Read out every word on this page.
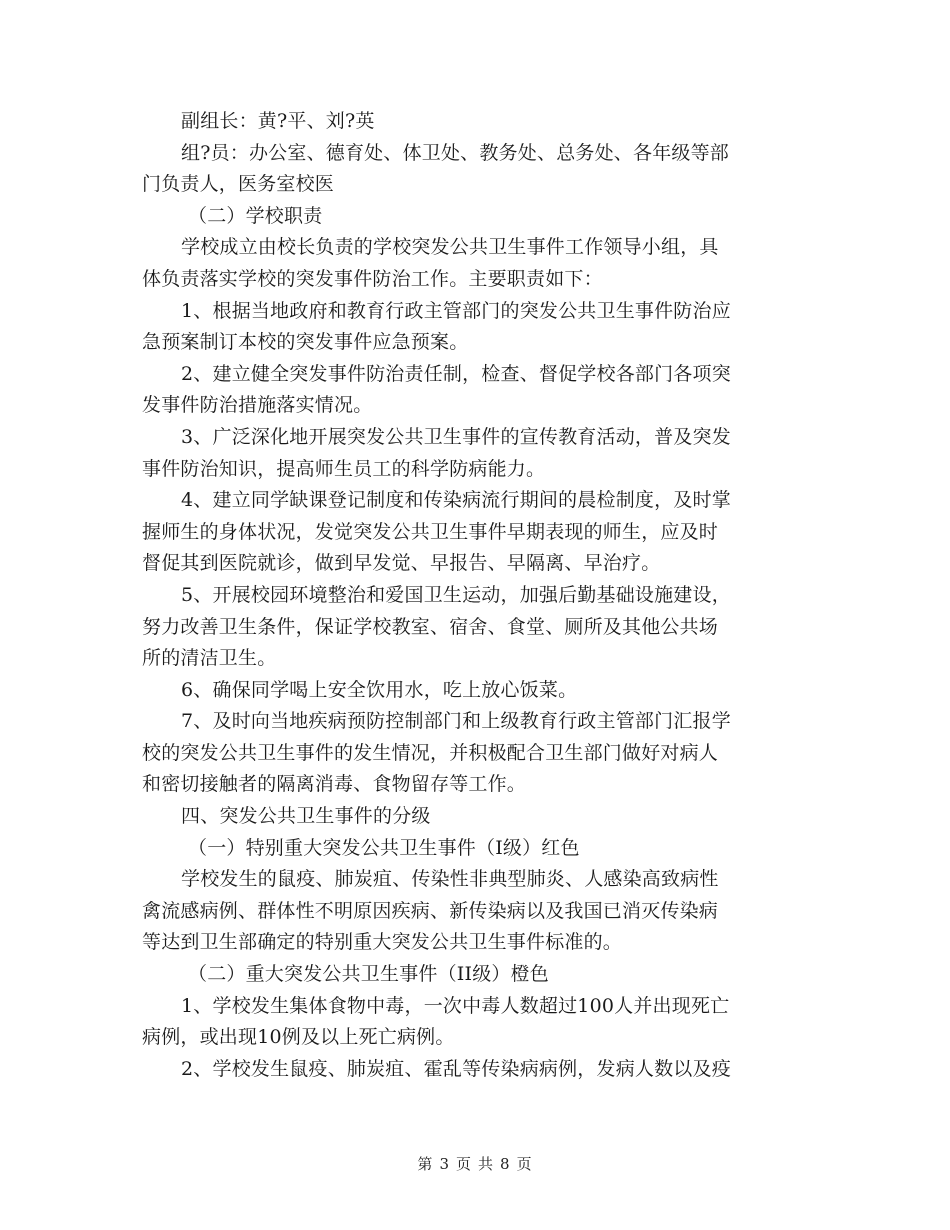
副组长：黄?平、刘?英
组?员：办公室、德育处、体卫处、教务处、总务处、各年级等部
门负责人，医务室校医
（二）学校职责
学校成立由校长负责的学校突发公共卫生事件工作领导小组，具
体负责落实学校的突发事件防治工作。主要职责如下：
1、根据当地政府和教育行政主管部门的突发公共卫生事件防治应
急预案制订本校的突发事件应急预案。
2、建立健全突发事件防治责任制，检查、督促学校各部门各项突
发事件防治措施落实情况。
3、广泛深化地开展突发公共卫生事件的宣传教育活动，普及突发
事件防治知识，提高师生员工的科学防病能力。
4、建立同学缺课登记制度和传染病流行期间的晨检制度，及时掌
握师生的身体状况，发觉突发公共卫生事件早期表现的师生，应及时
督促其到医院就诊，做到早发觉、早报告、早隔离、早治疗。
5、开展校园环境整治和爱国卫生运动，加强后勤基础设施建设，
努力改善卫生条件，保证学校教室、宿舍、食堂、厕所及其他公共场
所的清洁卫生。
6、确保同学喝上安全饮用水，吃上放心饭菜。
7、及时向当地疾病预防控制部门和上级教育行政主管部门汇报学
校的突发公共卫生事件的发生情况，并积极配合卫生部门做好对病人
和密切接触者的隔离消毒、食物留存等工作。
四、突发公共卫生事件的分级
（一）特别重大突发公共卫生事件（Ⅰ级）红色
学校发生的鼠疫、肺炭疽、传染性非典型肺炎、人感染高致病性
禽流感病例、群体性不明原因疾病、新传染病以及我国已消灭传染病
等达到卫生部确定的特别重大突发公共卫生事件标准的。
（二）重大突发公共卫生事件（II级）橙色
1、学校发生集体食物中毒，一次中毒人数超过100人并出现死亡
病例，或出现10例及以上死亡病例。
2、学校发生鼠疫、肺炭疽、霍乱等传染病病例，发病人数以及疫
第 3 页 共 8 页
